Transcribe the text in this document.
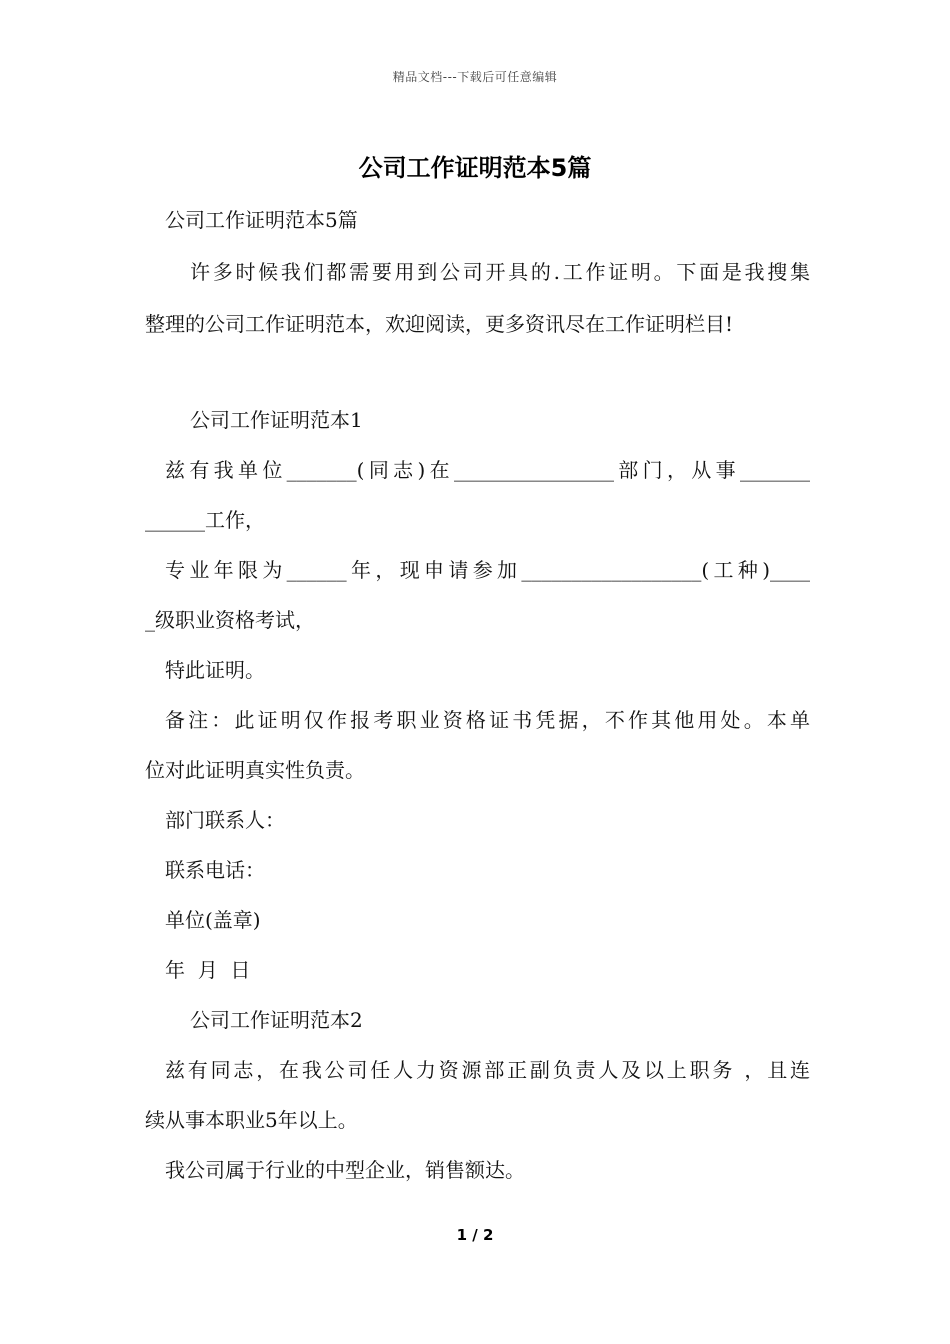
精品文档---下载后可任意编辑
公司工作证明范本5篇
公司工作证明范本5篇
许多时候我们都需要用到公司开具的.工作证明。下面是我搜集
整理的公司工作证明范本，欢迎阅读，更多资讯尽在工作证明栏目!
公司工作证明范本1
兹有我单位_______(同志)在________________部门，从事_______
______工作，
专业年限为______年，现申请参加__________________(工种)____
_级职业资格考试，
特此证明。
备注：此证明仅作报考职业资格证书凭据，不作其他用处。本单
位对此证明真实性负责。
部门联系人：
联系电话：
单位(盖章)
年  月  日
公司工作证明范本2
兹有同志，在我公司任人力资源部正副负责人及以上职务 ，且连
续从事本职业5年以上。
我公司属于行业的中型企业，销售额达。
1 / 2
